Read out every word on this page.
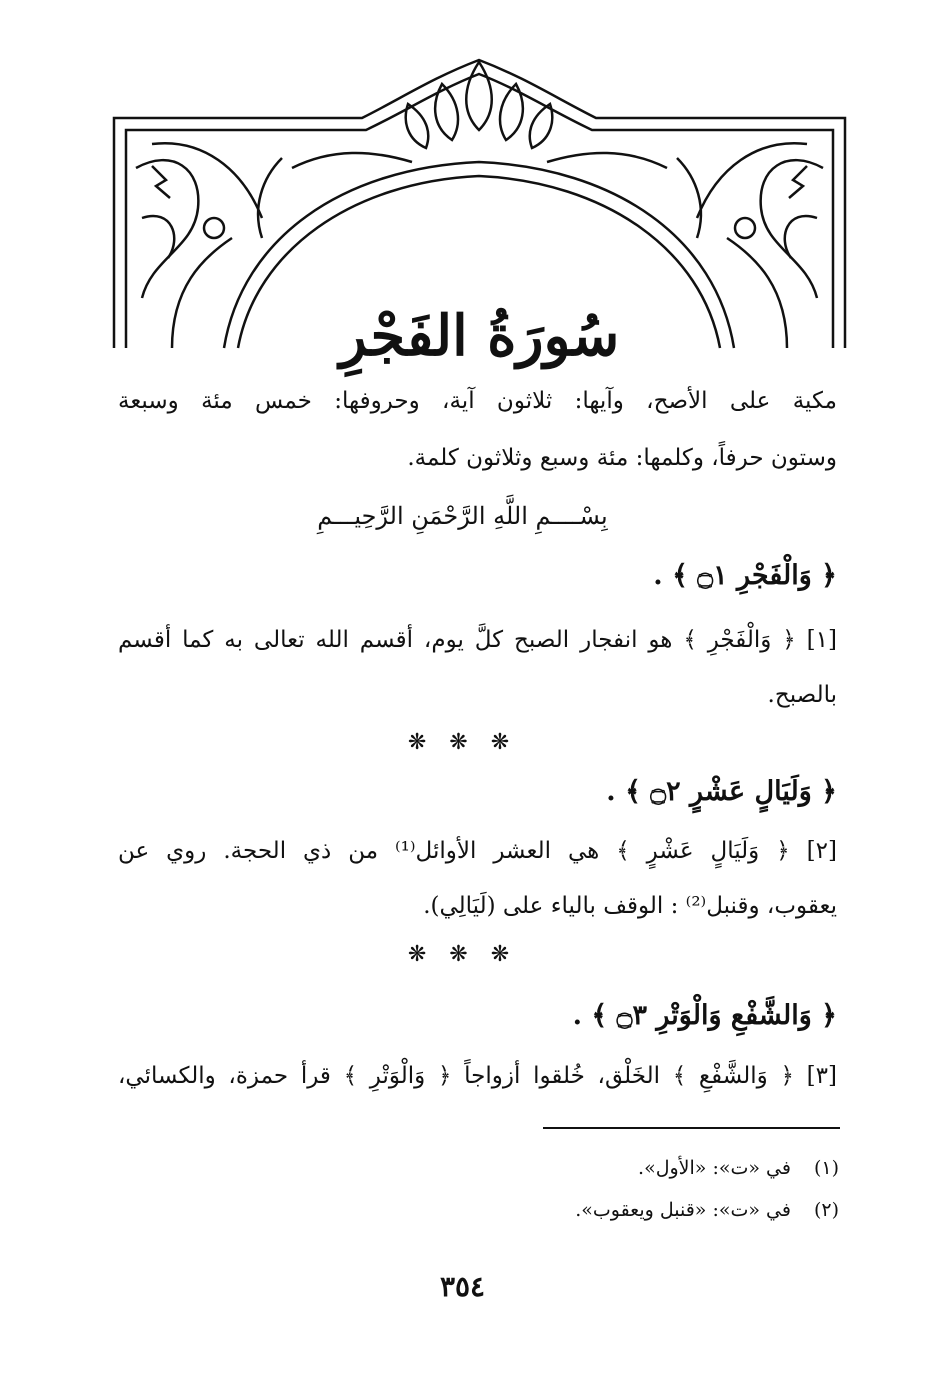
سُورَةُ الفَجْرِ
مكية على الأصح، وآيها: ثلاثون آية، وحروفها: خمس مئة وسبعة
وستون حرفاً، وكلمها: مئة وسبع وثلاثون كلمة.
بِسْــــمِ اللَّهِ الرَّحْمَنِ الرَّحِيـــمِ
﴿ وَالْفَجْرِ ۝١ ﴾ .
[١] ﴿ وَالْفَجْرِ ﴾ هو انفجار الصبح كلَّ يوم، أقسم الله تعالى به كما أقسم
بالصبح.
❋ ❋ ❋
﴿ وَلَيَالٍ عَشْرٍ ۝٢ ﴾ .
[٢] ﴿ وَلَيَالٍ عَشْرٍ ﴾ هي العشر الأوائل⁽¹⁾ من ذي الحجة. روي عن
يعقوب، وقنبل⁽²⁾ : الوقف بالياء على (لَيَالِي).
❋ ❋ ❋
﴿ وَالشَّفْعِ وَالْوَتْرِ ۝٣ ﴾ .
[٣] ﴿ وَالشَّفْعِ ﴾ الخَلْق، خُلقوا أزواجاً ﴿ وَالْوَتْرِ ﴾ قرأ حمزة، والكسائي،
(١) في «ت»: «الأول».
(٢) في «ت»: «قنبل ويعقوب».
٣٥٤
